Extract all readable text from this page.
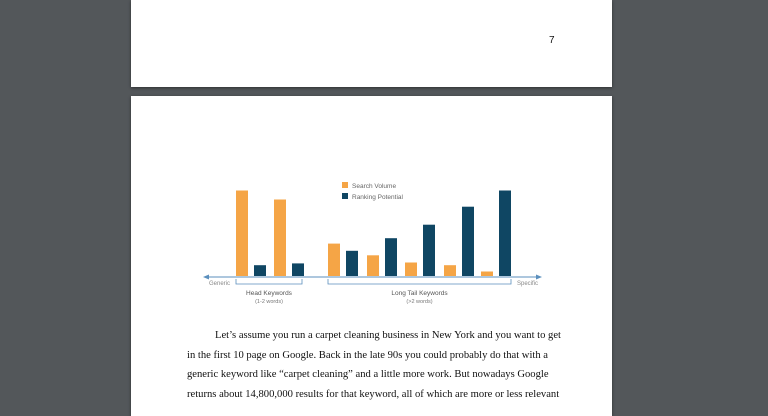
7
Search Volume
Ranking Potential
Generic	Specific
Head Keywords
(1-2 words)
Long Tail Keywords
(>2 words)
Let’s assume you run a carpet cleaning business in New York and you want to get
in the first 10 page on Google. Back in the late 90s you could probably do that with a
generic keyword like “carpet cleaning” and a little more work. But nowadays Google
returns about 14,800,000 results for that keyword, all of which are more or less relevant
